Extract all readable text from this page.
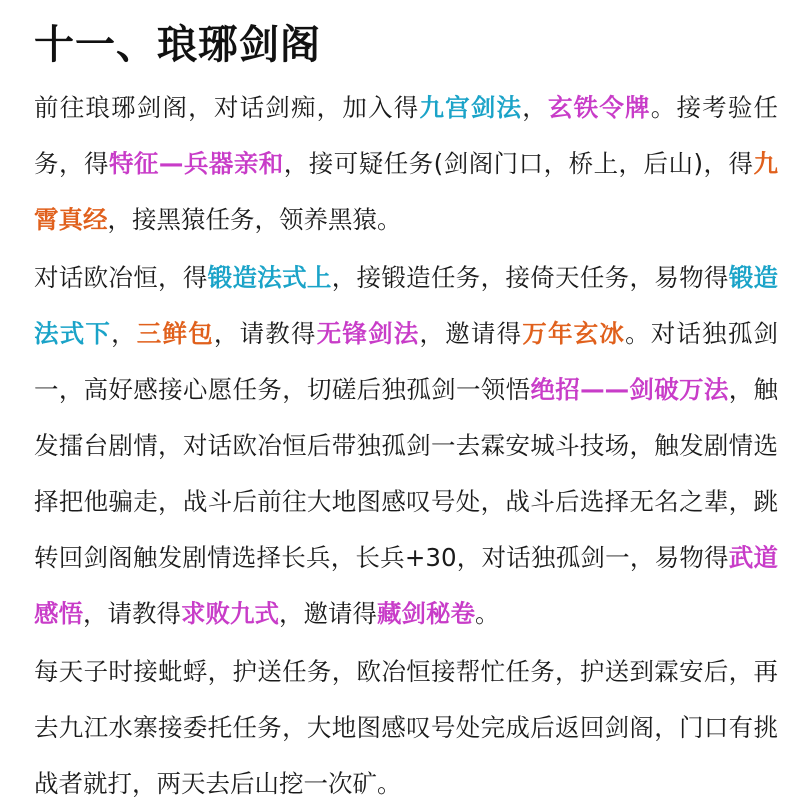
十一、琅琊剑阁

前往琅琊剑阁，对话剑痴，加入得九宫剑法，玄铁令牌。接考验任务，得特征—兵器亲和，接可疑任务(剑阁门口，桥上，后山)，得九霄真经，接黑猿任务，领养黑猿。

对话欧冶恒，得锻造法式上，接锻造任务，接倚天任务，易物得锻造法式下，三鲜包，请教得无锋剑法，邀请得万年玄冰。对话独孤剑一，高好感接心愿任务，切磋后独孤剑一领悟绝招——剑破万法，触发擂台剧情，对话欧冶恒后带独孤剑一去霖安城斗技场，触发剧情选择把他骗走，战斗后前往大地图感叹号处，战斗后选择无名之辈，跳转回剑阁触发剧情选择长兵，长兵+30，对话独孤剑一，易物得武道感悟，请教得求败九式，邀请得藏剑秘卷。

每天子时接蚍蜉，护送任务，欧冶恒接帮忙任务，护送到霖安后，再去九江水寨接委托任务，大地图感叹号处完成后返回剑阁，门口有挑战者就打，两天去后山挖一次矿。
